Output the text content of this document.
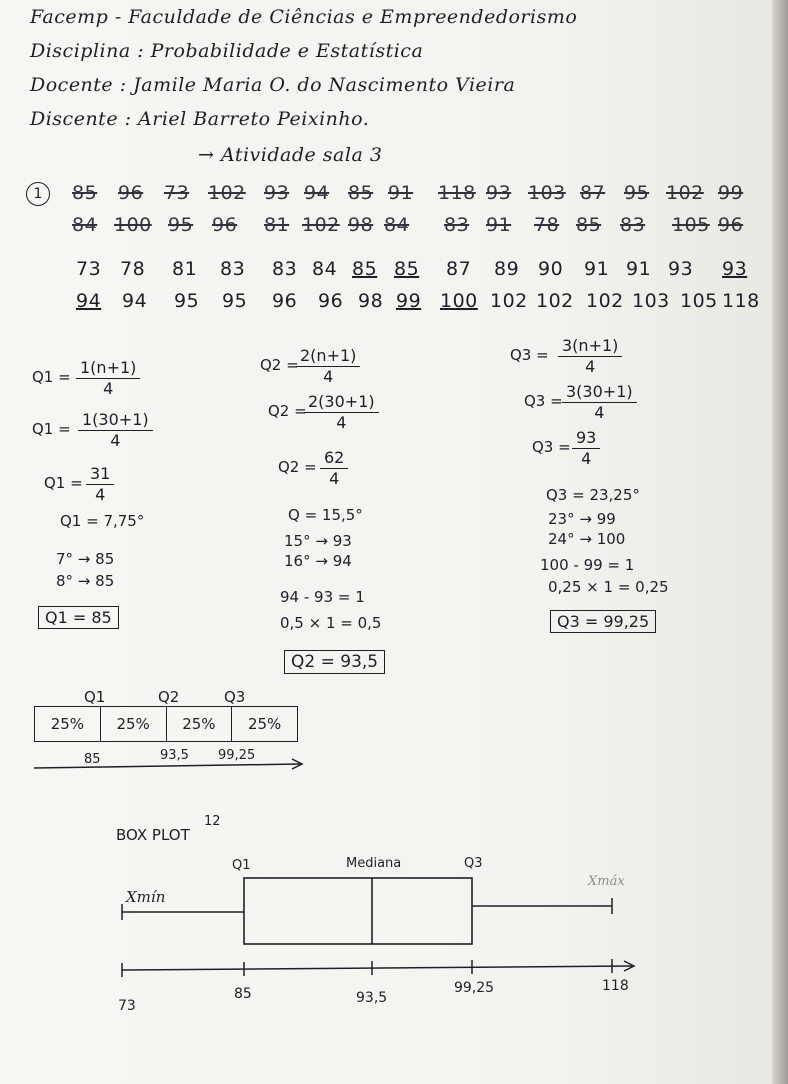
Facemp - Faculdade de Ciências e Empreendedorismo
Disciplina : Probabilidade e Estatística
Docente : Jamile Maria O. do Nascimento Vieira
Discente : Ariel Barreto Peixinho.
→ Atividade sala 3
1	85 96 73 102 93 94 85 91 118 93 103 87 95 102 99
84 100 95 96 81 102 98 84 83 91 78 85 83 105 96
73 78 81 83 83 84 85 85 87 89 90 91 91 93 93
94 94 95 95 96 96 98 99 100 102 102 102 103 105 118
$Q1 = \frac{1(n+1)}{4}$
$Q1 = \frac{1(30+1)}{4}$
$Q1 = \frac{31}{4}$
Q1 = 7,75°
7° → 85
8° → 85
Q1 = 85
Q2 =
$\frac{2(n+1)}{4}$
Q2 =
$\frac{2(30+1)}{4}$
$Q2 = \frac{62}{4}$
Q = 15,5°
15° → 93
16° → 94
94 - 93 = 1
0,5 × 1 = 0,5
Q2 = 93,5
$Q3 = \frac{3(n+1)}{4}$
$Q3 = \frac{3(30+1)}{4}$
$Q3 = \frac{93}{4}$
Q3 = 23,25°
23° → 99
24° → 100
100 - 99 = 1
0,25 × 1 = 0,25
Q3 = 99,25
Q1	Q2	Q3
25%	25%	25%	25%
85	93,5 99,25
BOX PLOT
12
Q1	Mediana	Q3
Xmín
Xmáx
73
85	93,5
99,25	118
